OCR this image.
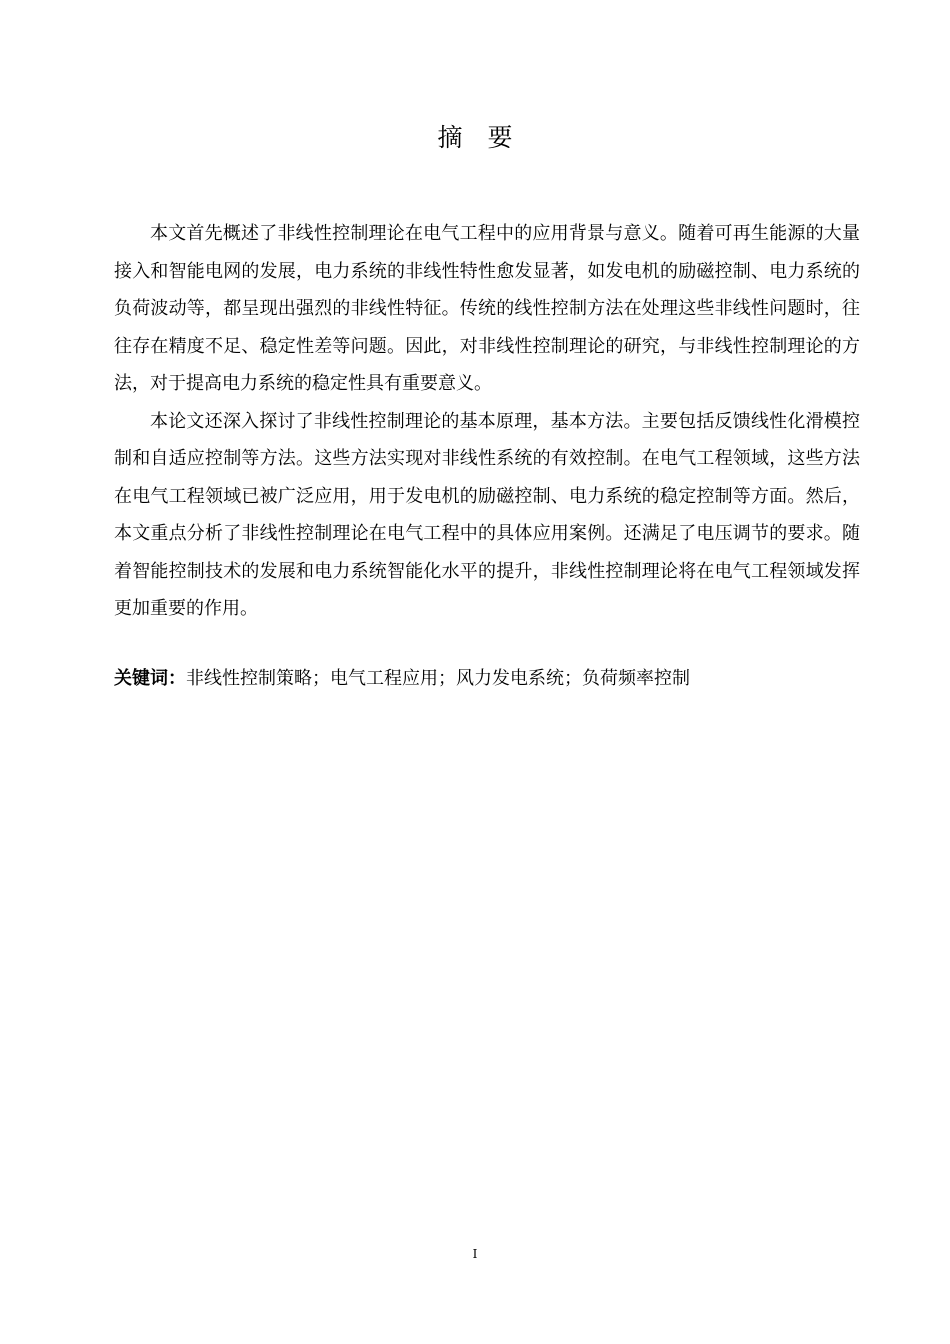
摘　要

本文首先概述了非线性控制理论在电气工程中的应用背景与意义。随着可再生能源的大量接入和智能电网的发展，电力系统的非线性特性愈发显著，如发电机的励磁控制、电力系统的负荷波动等，都呈现出强烈的非线性特征。传统的线性控制方法在处理这些非线性问题时，往往存在精度不足、稳定性差等问题。因此，对非线性控制理论的研究，与非线性控制理论的方法，对于提高电力系统的稳定性具有重要意义。

本论文还深入探讨了非线性控制理论的基本原理，基本方法。主要包括反馈线性化滑模控制和自适应控制等方法。这些方法实现对非线性系统的有效控制。在电气工程领域，这些方法在电气工程领域已被广泛应用，用于发电机的励磁控制、电力系统的稳定控制等方面。然后，本文重点分析了非线性控制理论在电气工程中的具体应用案例。还满足了电压调节的要求。随着智能控制技术的发展和电力系统智能化水平的提升，非线性控制理论将在电气工程领域发挥更加重要的作用。

关键词：非线性控制策略；电气工程应用；风力发电系统；负荷频率控制
I
